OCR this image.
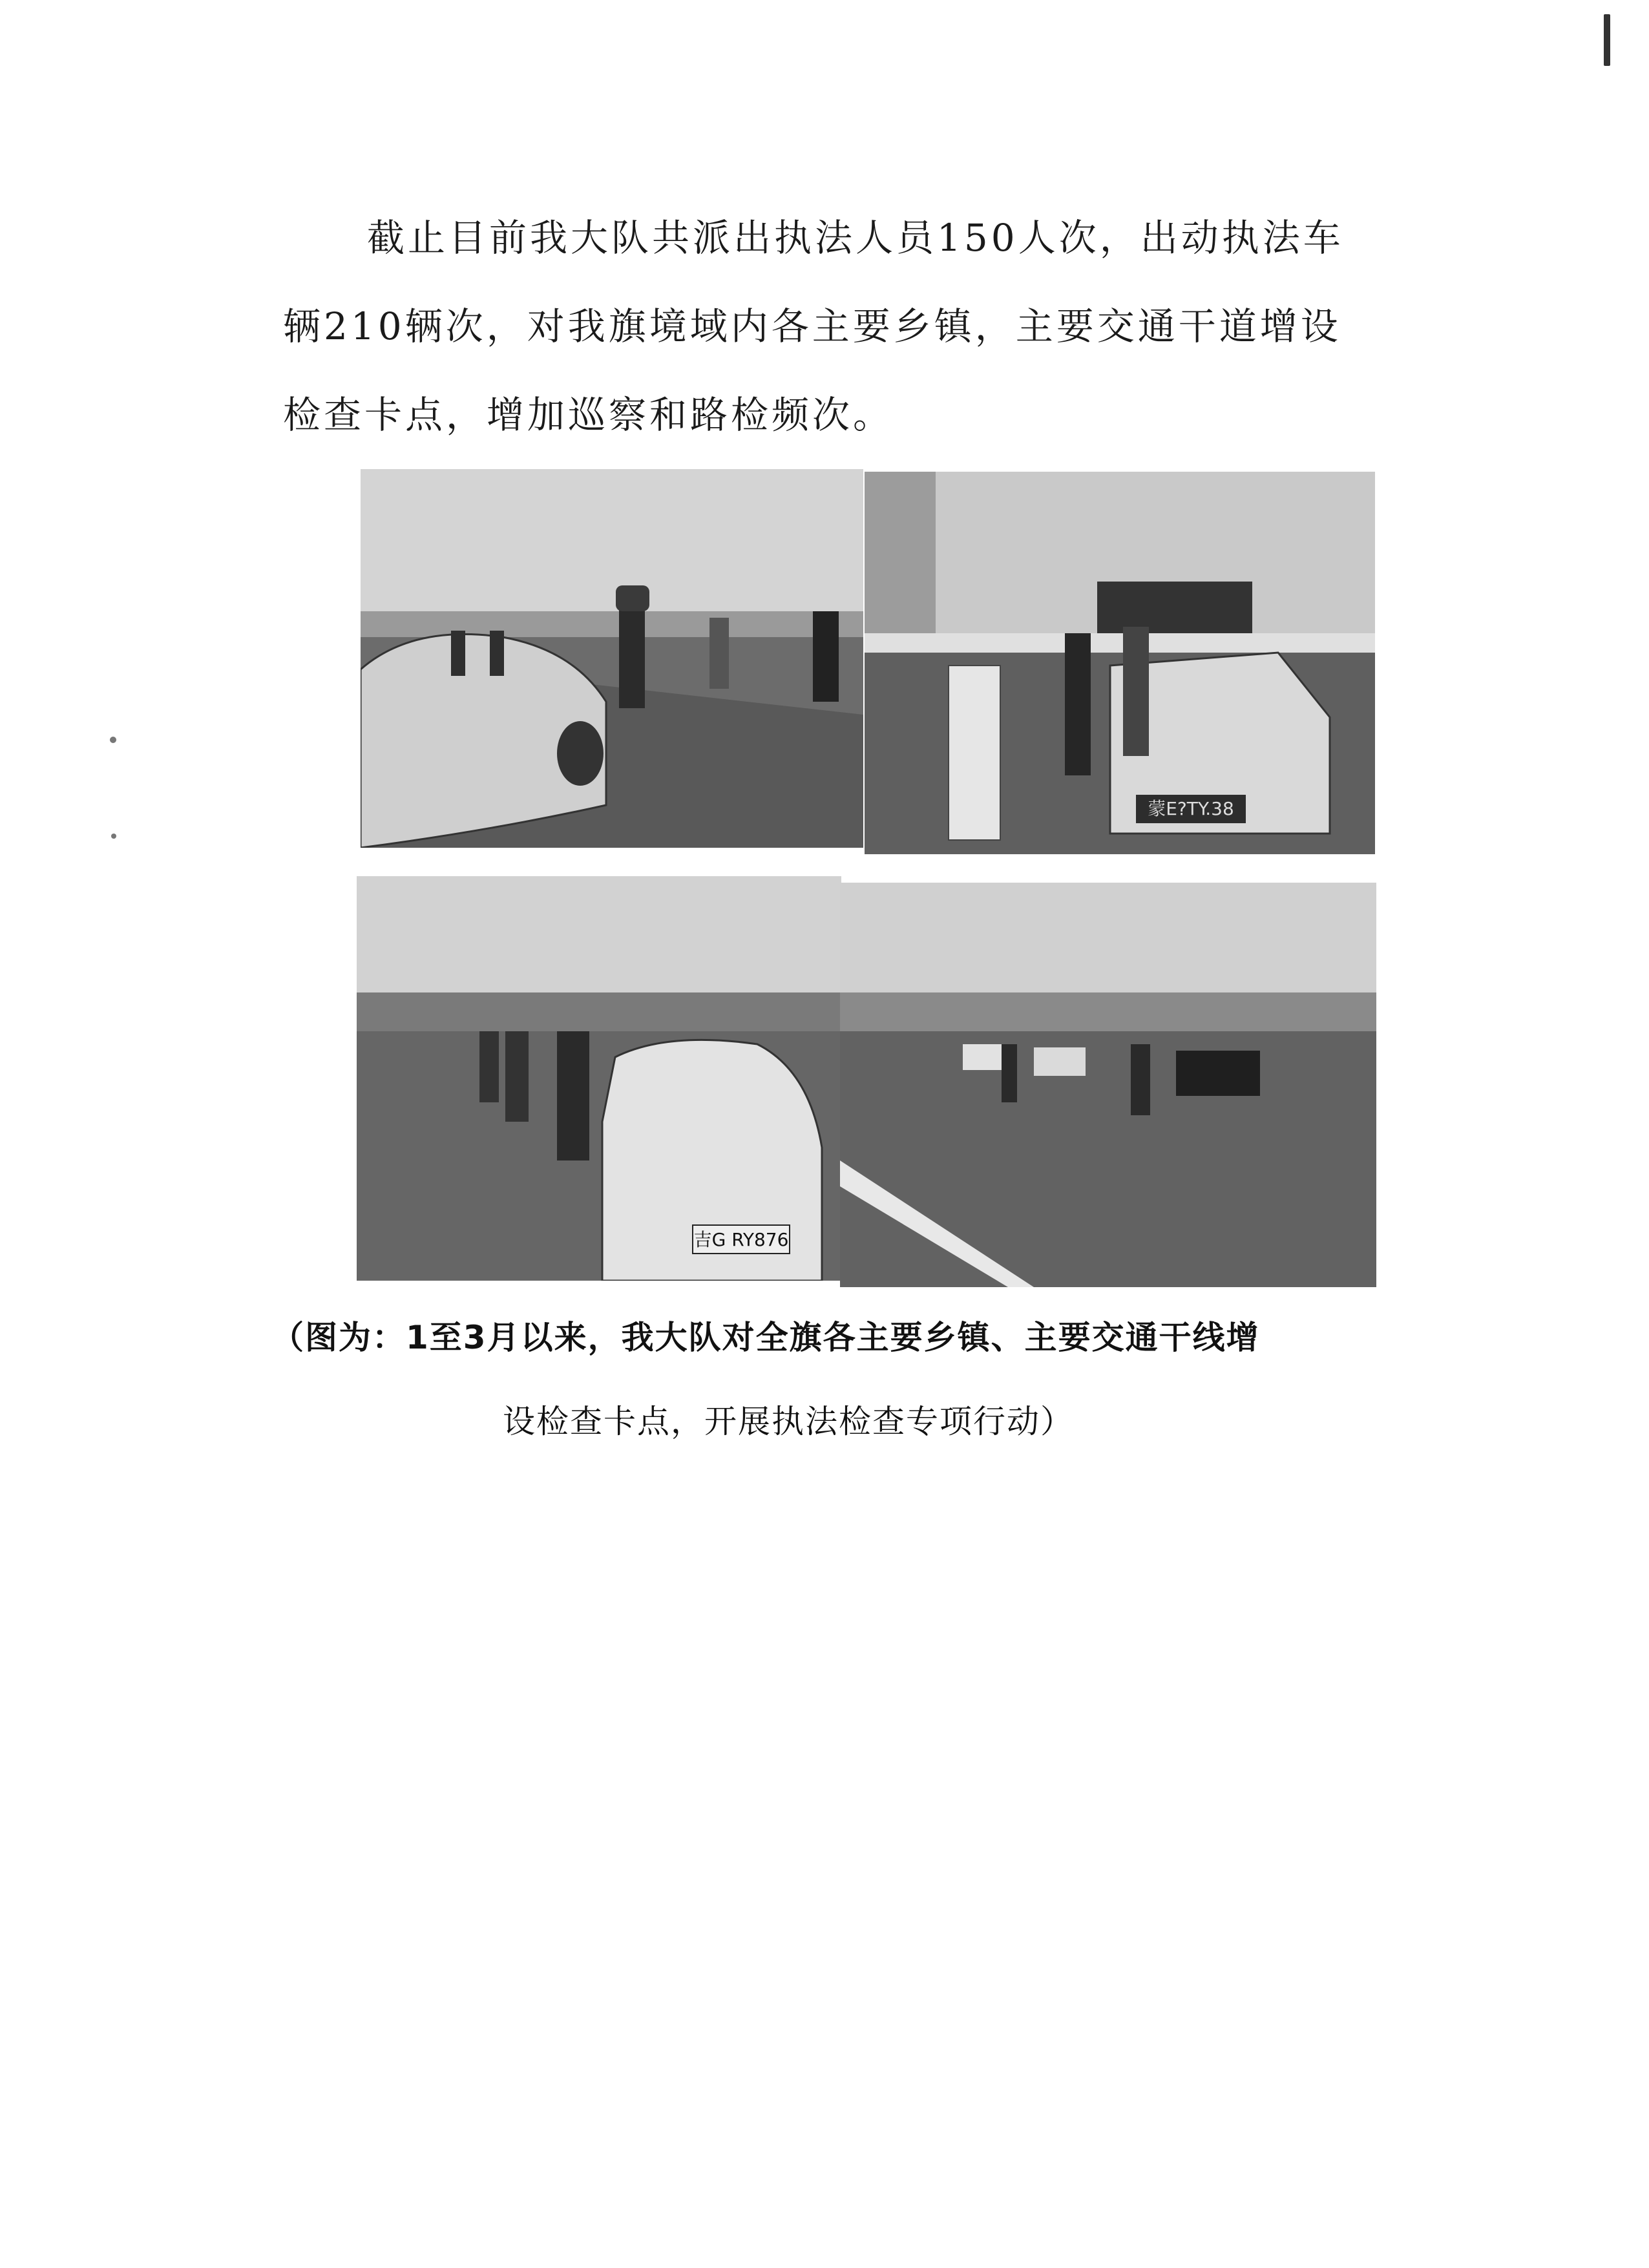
截止目前我大队共派出执法人员150人次，出动执法车
辆210辆次，对我旗境域内各主要乡镇，主要交通干道增设
检查卡点，增加巡察和路检频次。
蒙E?TY.38
吉G RY876

（图为：1至3月以来，我大队对全旗各主要乡镇、主要交通干线增

设检查卡点，开展执法检查专项行动）
